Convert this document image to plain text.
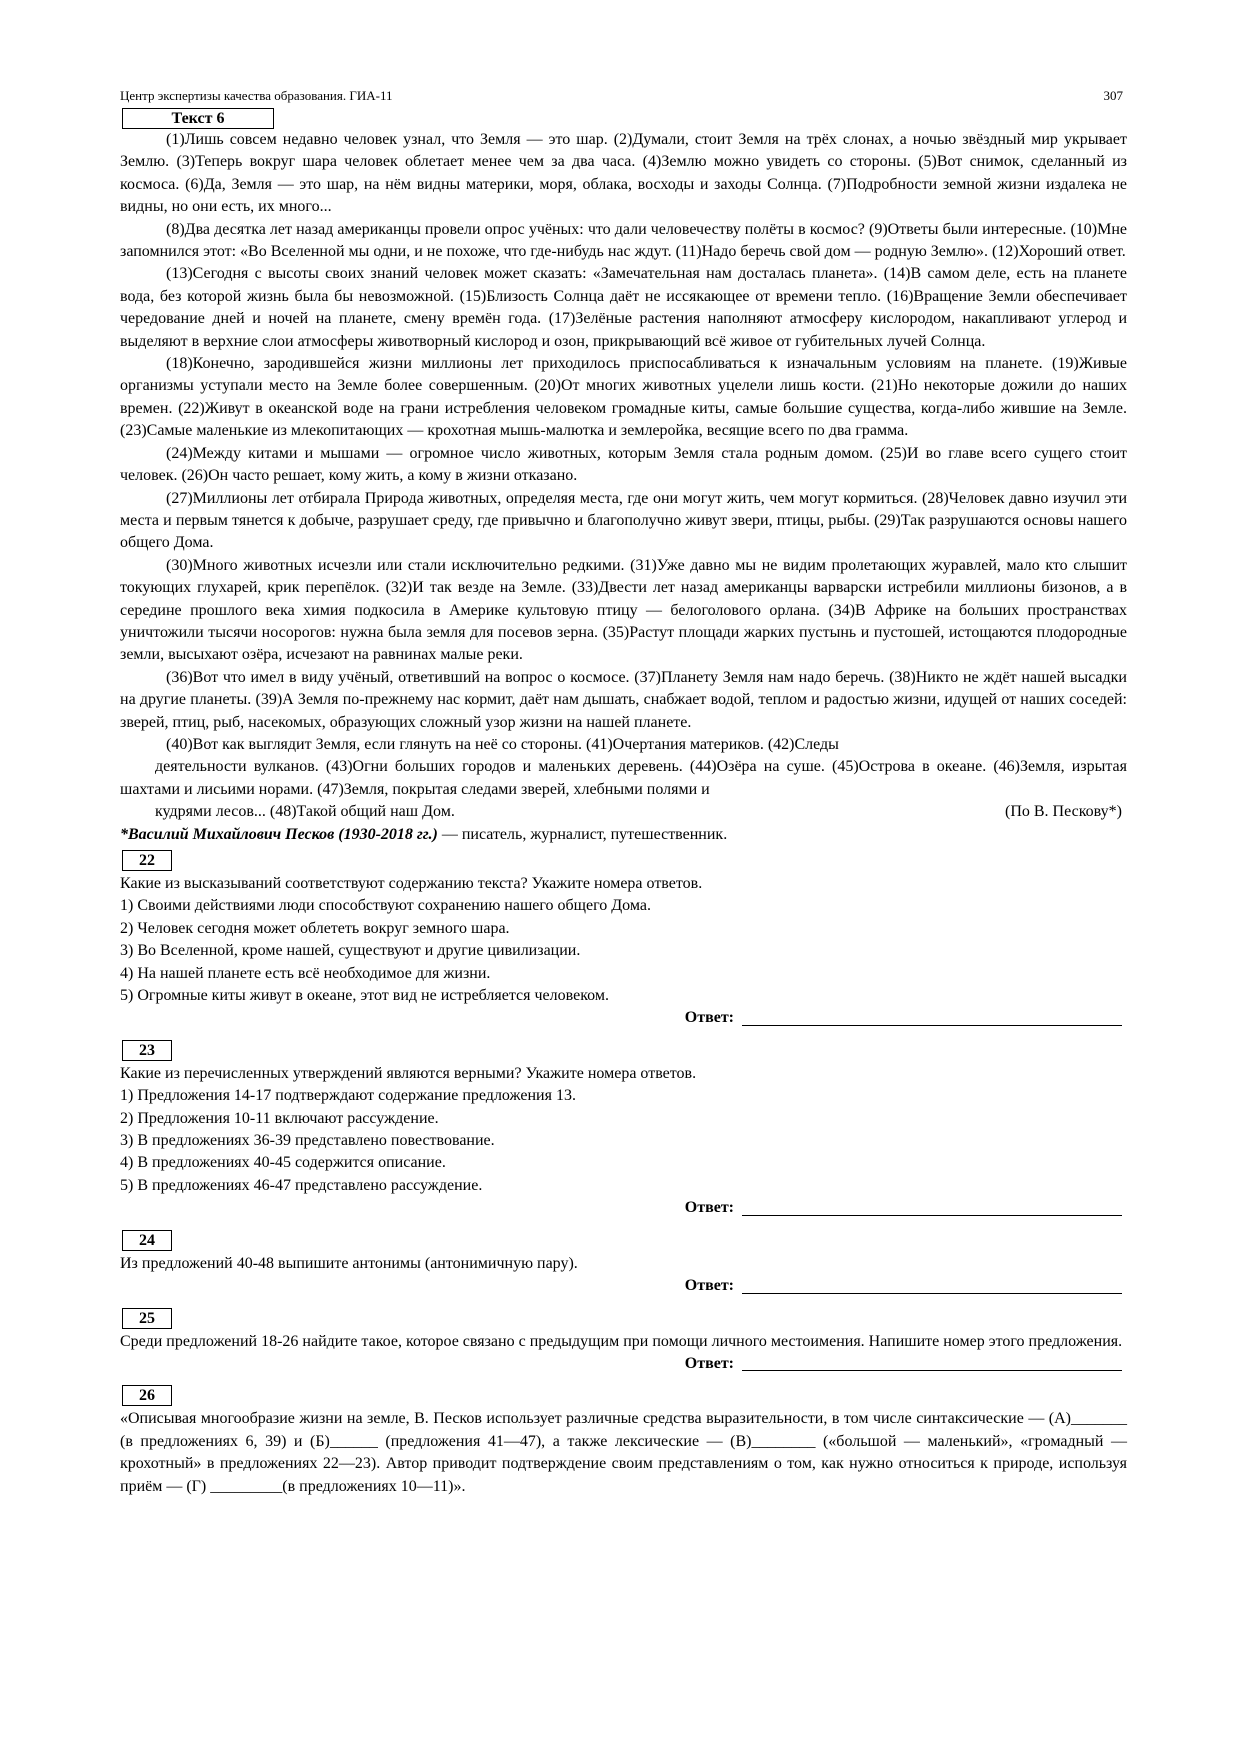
Центр экспертизы качества образования. ГИА-11	307
Текст 6

(1)Лишь совсем недавно человек узнал, что Земля — это шар. (2)Думали, стоит Земля на трёх слонах, а ночью звёздный мир укрывает Землю. (3)Теперь вокруг шара человек облетает менее чем за два часа. (4)Землю можно увидеть со стороны. (5)Вот снимок, сделанный из космоса. (6)Да, Земля — это шар, на нём видны материки, моря, облака, восходы и заходы Солнца. (7)Подробности земной жизни издалека не видны, но они есть, их много...

(8)Два десятка лет назад американцы провели опрос учёных: что дали человечеству полёты в космос? (9)Ответы были интересные. (10)Мне запомнился этот: «Во Вселенной мы одни, и не похоже, что где-нибудь нас ждут. (11)Надо беречь свой дом — родную Землю». (12)Хороший ответ.

(13)Сегодня с высоты своих знаний человек может сказать: «Замечательная нам досталась планета». (14)В самом деле, есть на планете вода, без которой жизнь была бы невозможной. (15)Близость Солнца даёт не иссякающее от времени тепло. (16)Вращение Земли обеспечивает чередование дней и ночей на планете, смену времён года. (17)Зелёные растения наполняют атмосферу кислородом, накапливают углерод и выделяют в верхние слои атмосферы животворный кислород и озон, прикрывающий всё живое от губительных лучей Солнца.

(18)Конечно, зародившейся жизни миллионы лет приходилось приспосабливаться к изначальным условиям на планете. (19)Живые организмы уступали место на Земле более совершенным. (20)От многих животных уцелели лишь кости. (21)Но некоторые дожили до наших времен. (22)Живут в океанской воде на грани истребления человеком громадные киты, самые большие существа, когда-либо жившие на Земле. (23)Самые маленькие из млекопитающих — крохотная мышь-малютка и землеройка, весящие всего по два грамма.

(24)Между китами и мышами — огромное число животных, которым Земля стала родным домом. (25)И во главе всего сущего стоит человек. (26)Он часто решает, кому жить, а кому в жизни отказано.

(27)Миллионы лет отбирала Природа животных, определяя места, где они могут жить, чем могут кормиться. (28)Человек давно изучил эти места и первым тянется к добыче, разрушает среду, где привычно и благополучно живут звери, птицы, рыбы. (29)Так разрушаются основы нашего общего Дома.

(30)Много животных исчезли или стали исключительно редкими. (31)Уже давно мы не видим пролетающих журавлей, мало кто слышит токующих глухарей, крик перепёлок. (32)И так везде на Земле. (33)Двести лет назад американцы варварски истребили миллионы бизонов, а в середине прошлого века химия подкосила в Америке культовую птицу — белоголового орлана. (34)В Африке на больших пространствах уничтожили тысячи носорогов: нужна была земля для посевов зерна. (35)Растут площади жарких пустынь и пустошей, истощаются плодородные земли, высыхают озёра, исчезают на равнинах малые реки.

(36)Вот что имел в виду учёный, ответивший на вопрос о космосе. (37)Планету Земля нам надо беречь. (38)Никто не ждёт нашей высадки на другие планеты. (39)А Земля по-прежнему нас кормит, даёт нам дышать, снабжает водой, теплом и радостью жизни, идущей от наших соседей: зверей, птиц, рыб, насекомых, образующих сложный узор жизни на нашей планете.

(40)Вот как выглядит Земля, если глянуть на неё со стороны. (41)Очертания материков. (42)Следы

деятельности вулканов. (43)Огни больших городов и маленьких деревень. (44)Озёра на суше. (45)Острова в океане. (46)Земля, изрытая шахтами и лисьими норами. (47)Земля, покрытая следами зверей, хлебными полями и

кудрями лесов... (48)Такой общий наш Дом.	(По В. Пескову*)

*Василий Михайлович Песков (1930-2018 гг.) — писатель, журналист, путешественник.

22

Какие из высказываний соответствуют содержанию текста? Укажите номера ответов.

1) Своими действиями люди способствуют сохранению нашего общего Дома.

2) Человек сегодня может облететь вокруг земного шара.

3) Во Вселенной, кроме нашей, существуют и другие цивилизации.

4) На нашей планете есть всё необходимое для жизни.

5) Огромные киты живут в океане, этот вид не истребляется человеком.

Ответ:
23

Какие из перечисленных утверждений являются верными? Укажите номера ответов.

1) Предложения 14-17 подтверждают содержание предложения 13.

2) Предложения 10-11 включают рассуждение.

3) В предложениях 36-39 представлено повествование.

4) В предложениях 40-45 содержится описание.

5) В предложениях 46-47 представлено рассуждение.

Ответ:
24

Из предложений 40-48 выпишите антонимы (антонимичную пару).

Ответ:
25

Среди предложений 18-26 найдите такое, которое связано с предыдущим при помощи личного местоимения. Напишите номер этого предложения.

Ответ:
26

«Описывая многообразие жизни на земле, В. Песков использует различные средства выразительности, в том числе синтаксические — (А)_______ (в предложениях 6, 39) и (Б)______ (предложения 41—47), а также лексические — (В)________ («большой — маленький», «громадный — крохотный» в предложениях 22—23). Автор приводит подтверждение своим представлениям о том, как нужно относиться к природе, используя приём — (Г) _________(в предложениях 10—11)».
